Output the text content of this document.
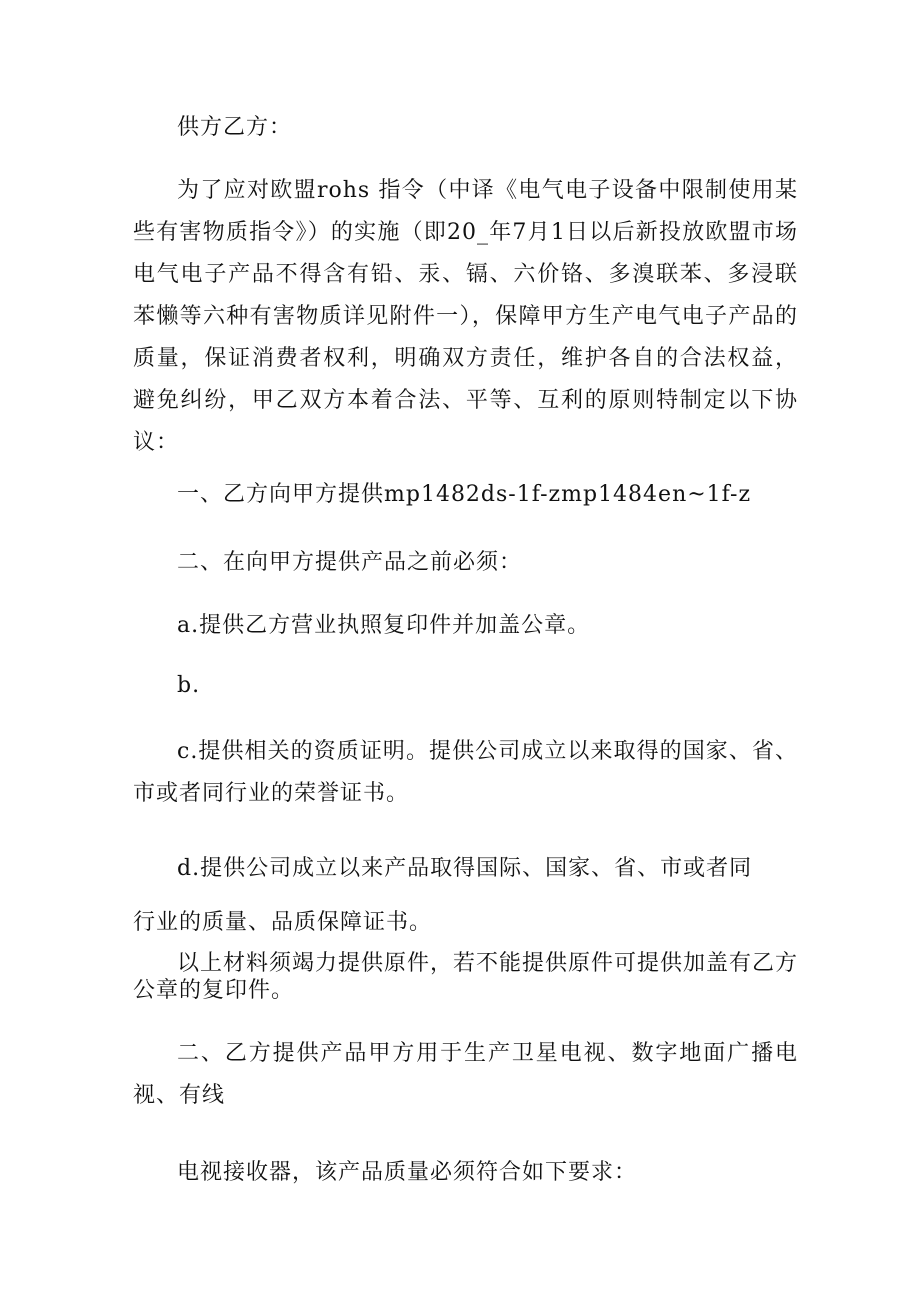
供方乙方：

为了应对欧盟rohs 指令（中译《电气电子设备中限制使用某些有害物质指令》）的实施（即20_年7月1日以后新投放欧盟市场电气电子产品不得含有铅、汞、镉、六价铬、多溴联苯、多浸联苯懒等六种有害物质详见附件一），保障甲方生产电气电子产品的质量，保证消费者权利，明确双方责任，维护各自的合法权益，避免纠纷，甲乙双方本着合法、平等、互利的原则特制定以下协议：

一、乙方向甲方提供mp1482ds-1f-zmp1484en~1f-z

二、在向甲方提供产品之前必须：

a.提供乙方营业执照复印件并加盖公章。

b.

c.提供相关的资质证明。提供公司成立以来取得的国家、省、市或者同行业的荣誉证书。

d.提供公司成立以来产品取得国际、国家、省、市或者同

行业的质量、品质保障证书。

以上材料须竭力提供原件，若不能提供原件可提供加盖有乙方公章的复印件。

二、乙方提供产品甲方用于生产卫星电视、数字地面广播电视、有线

电视接收器，该产品质量必须符合如下要求：
